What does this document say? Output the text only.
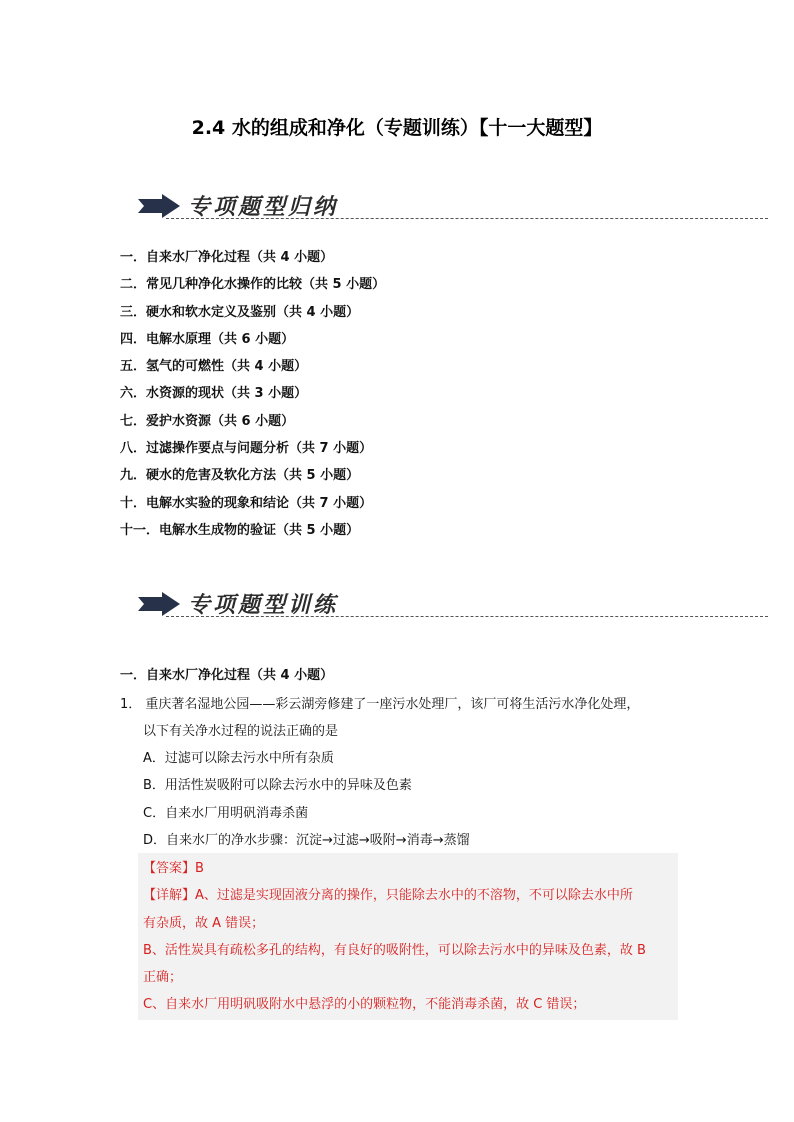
2.4 水的组成和净化（专题训练）【十一大题型】
专项题型归纳
一．自来水厂净化过程（共 4 小题）
二．常见几种净化水操作的比较（共 5 小题）
三．硬水和软水定义及鉴别（共 4 小题）
四．电解水原理（共 6 小题）
五．氢气的可燃性（共 4 小题）
六．水资源的现状（共 3 小题）
七．爱护水资源（共 6 小题）
八．过滤操作要点与问题分析（共 7 小题）
九．硬水的危害及软化方法（共 5 小题）
十．电解水实验的现象和结论（共 7 小题）
十一．电解水生成物的验证（共 5 小题）
专项题型训练
一．自来水厂净化过程（共 4 小题）
1． 重庆著名湿地公园——彩云湖旁修建了一座污水处理厂，该厂可将生活污水净化处理，
以下有关净水过程的说法正确的是
A．过滤可以除去污水中所有杂质
B．用活性炭吸附可以除去污水中的异味及色素
C．自来水厂用明矾消毒杀菌
D．自来水厂的净水步骤：沉淀→过滤→吸附→消毒→蒸馏
【答案】B
【详解】A、过滤是实现固液分离的操作，只能除去水中的不溶物，不可以除去水中所
有杂质，故 A 错误；
B、活性炭具有疏松多孔的结构，有良好的吸附性，可以除去污水中的异味及色素，故 B
正确；
C、自来水厂用明矾吸附水中悬浮的小的颗粒物，不能消毒杀菌，故 C 错误；
